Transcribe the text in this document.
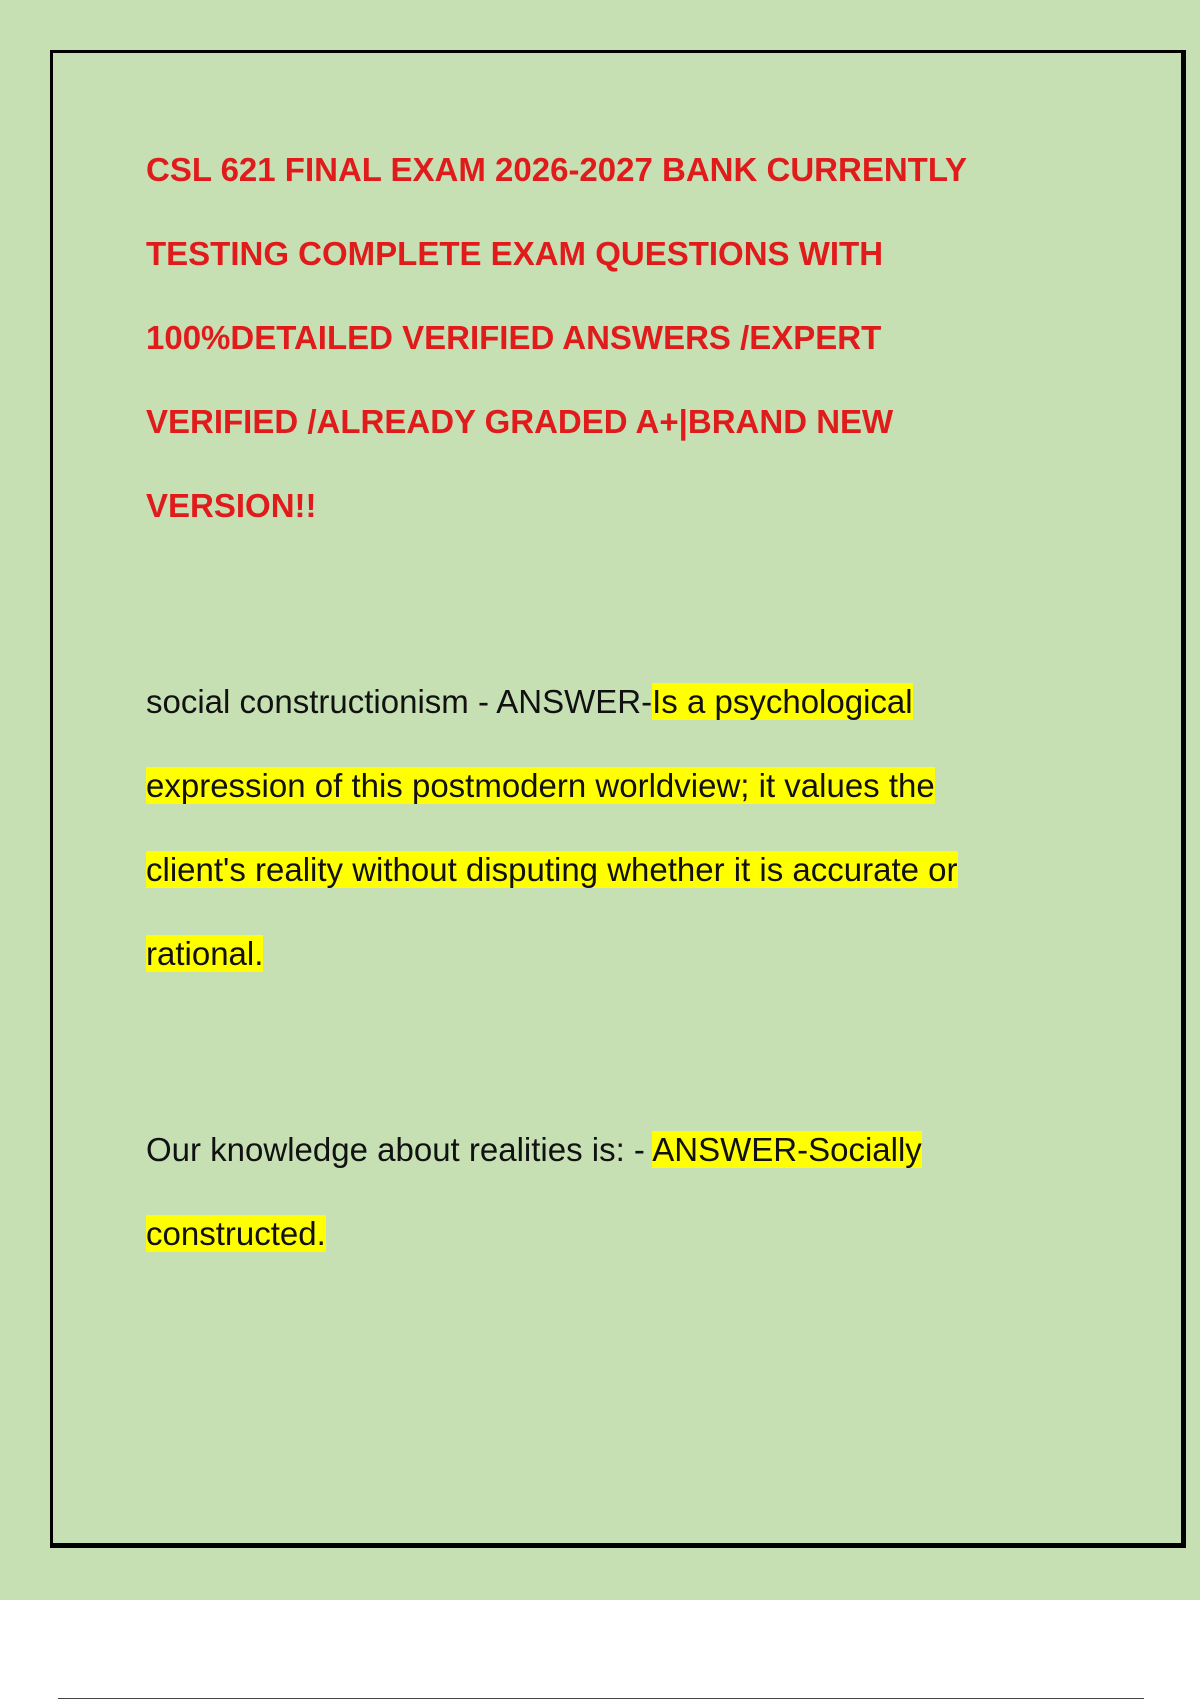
CSL 621 FINAL EXAM 2026-2027 BANK CURRENTLY
TESTING COMPLETE EXAM QUESTIONS WITH
100%DETAILED VERIFIED ANSWERS /EXPERT
VERIFIED /ALREADY GRADED A+|BRAND NEW
VERSION!!

social constructionism - ANSWER-Is a psychological
expression of this postmodern worldview; it values the
client's reality without disputing whether it is accurate or
rational.

Our knowledge about realities is: - ANSWER-Socially
constructed.
